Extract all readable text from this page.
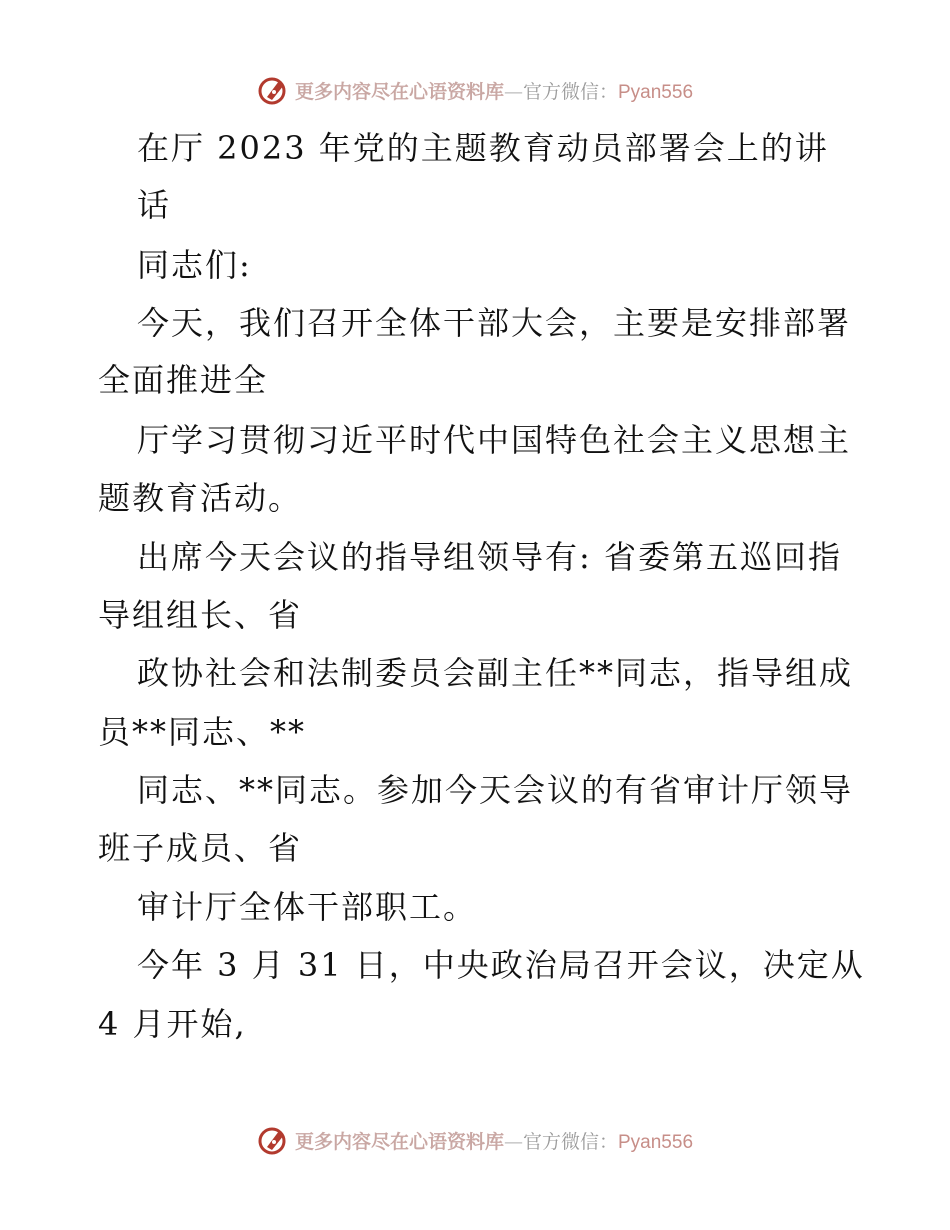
更多内容尽在心语资料库—官方微信：Pyan556
在厅 2023 年党的主题教育动员部署会上的讲
话
同志们:
今天，我们召开全体干部大会，主要是安排部署
全面推进全
厅学习贯彻习近平时代中国特色社会主义思想主
题教育活动。
出席今天会议的指导组领导有: 省委第五巡回指
导组组长、省
政协社会和法制委员会副主任**同志，指导组成
员**同志、**
同志、**同志。参加今天会议的有省审计厅领导
班子成员、省
审计厅全体干部职工。
今年 3 月 31 日，中央政治局召开会议，决定从
4 月开始,
更多内容尽在心语资料库—官方微信：Pyan556
